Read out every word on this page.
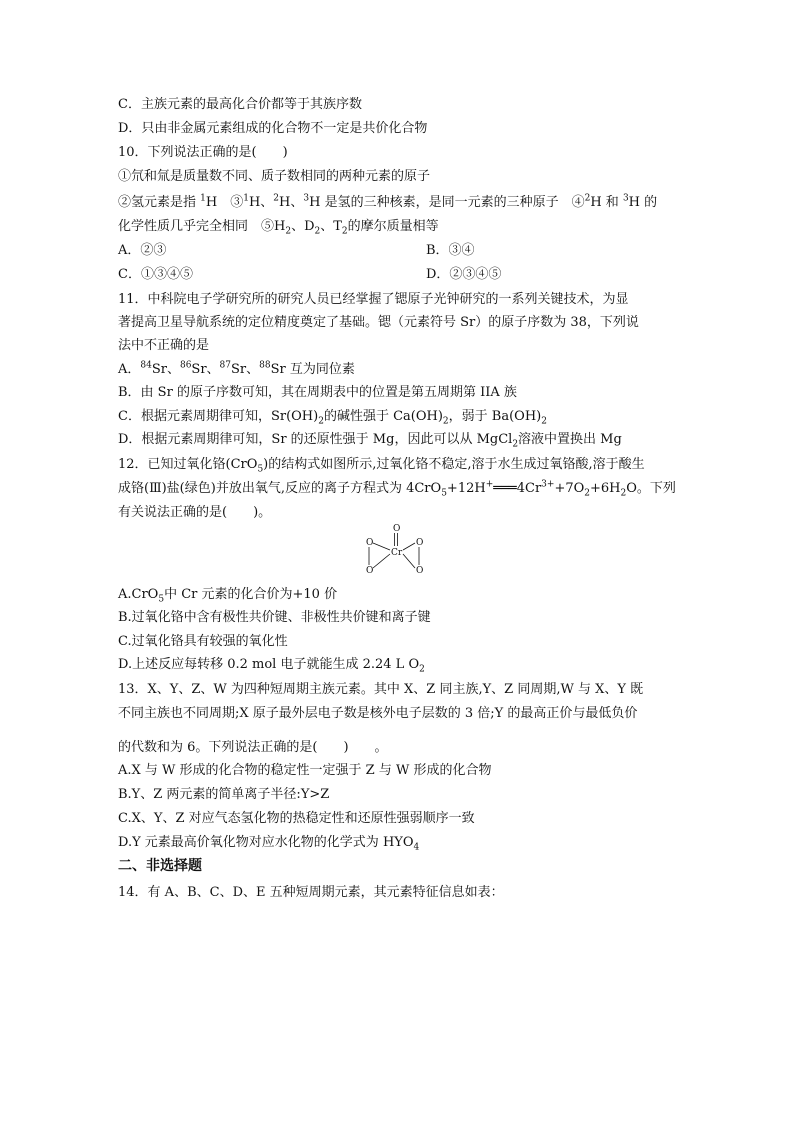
C．主族元素的最高化合价都等于其族序数
D．只由非金属元素组成的化合物不一定是共价化合物
10．下列说法正确的是(　　)
①氘和氚是质量数不同、质子数相同的两种元素的原子
②氢元素是指 $^1$H　③$^1$H、$^2$H、$^3$H 是氢的三种核素，是同一元素的三种原子　④$^2$H 和 $^3$H 的
化学性质几乎完全相同　$⑤H_2$、$D_2$、$T_2$的摩尔质量相等
A．②③	B．③④
C．①③④⑤	D．②③④⑤
11．中科院电子学研究所的研究人员已经掌握了锶原子光钟研究的一系列关键技术，为显
著提高卫星导航系统的定位精度奠定了基础。锶（元素符号 Sr）的原子序数为 38，下列说
法中不正确的是
A．$^{84}$Sr、$^{86}$Sr、$^{87}$Sr、$^{88}$Sr 互为同位素
B．由 Sr 的原子序数可知，其在周期表中的位置是第五周期第 IIA 族
C．根据元素周期律可知，$Sr(OH)_2$的碱性强于 $Ca(OH)_2$，弱于 $Ba(OH)_2$
D．根据元素周期律可知，Sr 的还原性强于 Mg，因此可以从 MgCl$_2$溶液中置换出 Mg
12．已知过氧化铬(CrO$_5$)的结构式如图所示,过氧化铬不稳定,溶于水生成过氧铬酸,溶于酸生
成铬(Ⅲ)盐(绿色)并放出氧气,反应的离子方程式为 $4CrO_5+12H^+═══4Cr^{3+}+7O_2+6H_2O$。下列
有关说法正确的是(　　)。
O
O	O
Cr
O	O
A.CrO$_5$中 Cr 元素的化合价为+10 价
B.过氧化铬中含有极性共价键、非极性共价键和离子键
C.过氧化铬具有较强的氧化性
D.上述反应每转移 0.2 mol 电子就能生成 2.24 L $O_2$
13．X、Y、Z、W 为四种短周期主族元素。其中 X、Z 同主族,Y、Z 同周期,W 与 X、Y 既
不同主族也不同周期;X 原子最外层电子数是核外电子层数的 3 倍;Y 的最高正价与最低负价
的代数和为 6。下列说法正确的是(　　)　　。
A.X 与 W 形成的化合物的稳定性一定强于 Z 与 W 形成的化合物
B.Y、Z 两元素的简单离子半径:Y>Z
C.X、Y、Z 对应气态氢化物的热稳定性和还原性强弱顺序一致
D.Y 元素最高价氧化物对应水化物的化学式为 $HYO_4$
二、非选择题
14．有 A、B、C、D、E 五种短周期元素，其元素特征信息如表：
